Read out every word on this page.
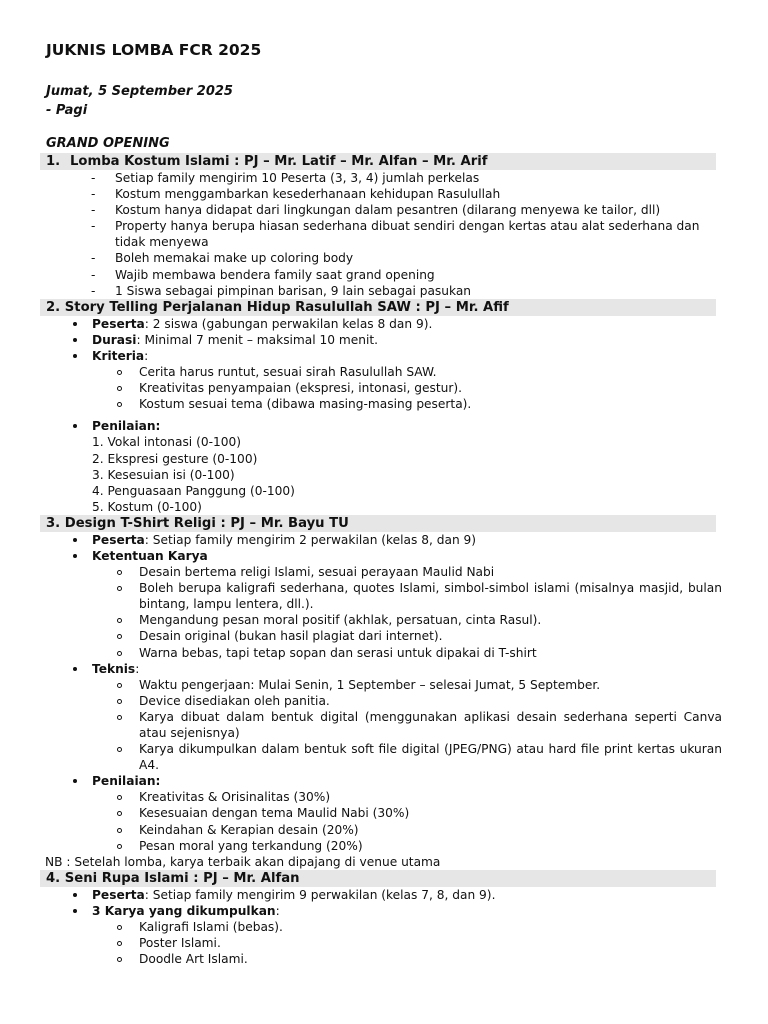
JUKNIS LOMBA FCR 2025
Jumat, 5 September 2025
- Pagi
GRAND OPENING
1. Lomba Kostum Islami : PJ – Mr. Latif – Mr. Alfan – Mr. Arif
- Setiap family mengirim 10 Peserta (3, 3, 4) jumlah perkelas
- Kostum menggambarkan kesederhanaan kehidupan Rasulullah
- Kostum hanya didapat dari lingkungan dalam pesantren (dilarang menyewa ke tailor, dll)
- Property hanya berupa hiasan sederhana dibuat sendiri dengan kertas atau alat sederhana dan tidak menyewa
- Boleh memakai make up coloring body
- Wajib membawa bendera family saat grand opening
- 1 Siswa sebagai pimpinan barisan, 9 lain sebagai pasukan
2. Story Telling Perjalanan Hidup Rasulullah SAW : PJ – Mr. Afif
Peserta: 2 siswa (gabungan perwakilan kelas 8 dan 9).
Durasi: Minimal 7 menit – maksimal 10 menit.
Kriteria:
Cerita harus runtut, sesuai sirah Rasulullah SAW.
Kreativitas penyampaian (ekspresi, intonasi, gestur).
Kostum sesuai tema (dibawa masing-masing peserta).
Penilaian:
1. Vokal intonasi (0-100)
2. Ekspresi gesture (0-100)
3. Kesesuian isi (0-100)
4. Penguasaan Panggung (0-100)
5. Kostum (0-100)
3. Design T-Shirt Religi : PJ – Mr. Bayu TU
Peserta: Setiap family mengirim 2 perwakilan (kelas 8, dan 9)
Ketentuan Karya
Desain bertema religi Islami, sesuai perayaan Maulid Nabi
Boleh berupa kaligrafi sederhana, quotes Islami, simbol-simbol islami (misalnya masjid, bulan bintang, lampu lentera, dll.).
Mengandung pesan moral positif (akhlak, persatuan, cinta Rasul).
Desain original (bukan hasil plagiat dari internet).
Warna bebas, tapi tetap sopan dan serasi untuk dipakai di T-shirt
Teknis:
Waktu pengerjaan: Mulai Senin, 1 September – selesai Jumat, 5 September.
Device disediakan oleh panitia.
Karya dibuat dalam bentuk digital (menggunakan aplikasi desain sederhana seperti Canva atau sejenisnya)
Karya dikumpulkan dalam bentuk soft file digital (JPEG/PNG) atau hard file print kertas ukuran A4.
Penilaian:
Kreativitas & Orisinalitas (30%)
Kesesuaian dengan tema Maulid Nabi (30%)
Keindahan & Kerapian desain (20%)
Pesan moral yang terkandung (20%)
NB : Setelah lomba, karya terbaik akan dipajang di venue utama
4. Seni Rupa Islami : PJ – Mr. Alfan
Peserta: Setiap family mengirim 9 perwakilan (kelas 7, 8, dan 9).
3 Karya yang dikumpulkan:
Kaligrafi Islami (bebas).
Poster Islami.
Doodle Art Islami.
